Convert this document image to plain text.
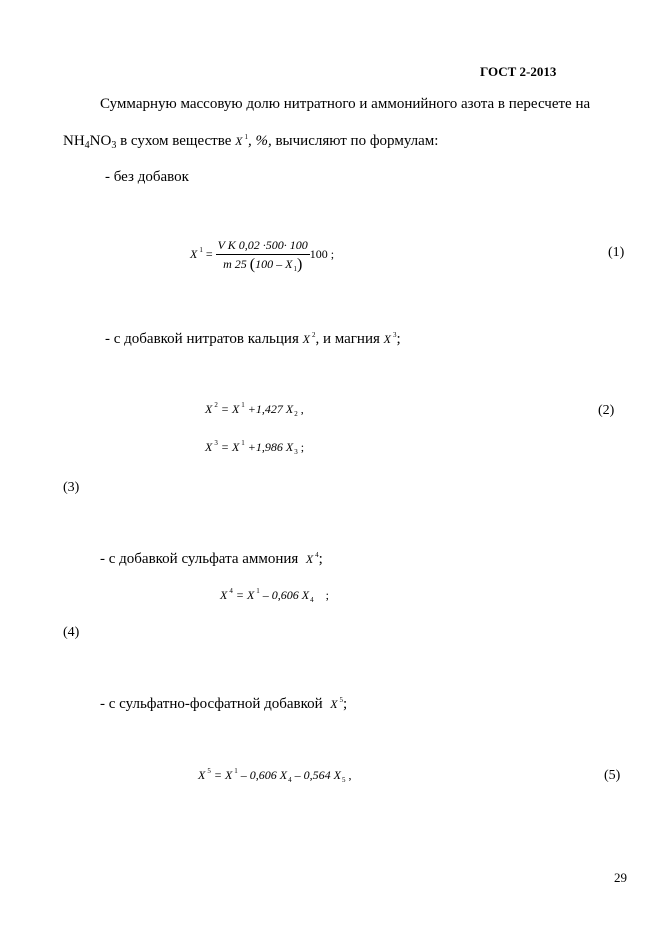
ГОСТ 2-2013
Суммарную массовую долю нитратного и аммонийного азота в пересчете на
$NH_4NO_3$ в сухом веществе X $^1$, %, вычисляют по формулам:
- без добавок
X $^1 = \frac{\text{V K 0,02 ·500· 100}}{m 25 (100 - X_1)} 100$ ;	(1)
- с добавкой нитратов кальция X $^2$, и магния X $^3$;
X $^2$ = X $^1$ +1,427 $X_2$ ,	(2)
X $^3$ = X $^1$ +1,986 $X_3$ ;
(3)
- с добавкой сульфата аммония  X $^4$;
X $^4$ = X $^1$ – 0,606 $X_4$    ;
(4)
- с сульфатно-фосфатной добавкой  X $^5$;
X $^5$ = X $^1$ – 0,606 $X_4 - 0,564$ $X_5$ ,	(5)
29
